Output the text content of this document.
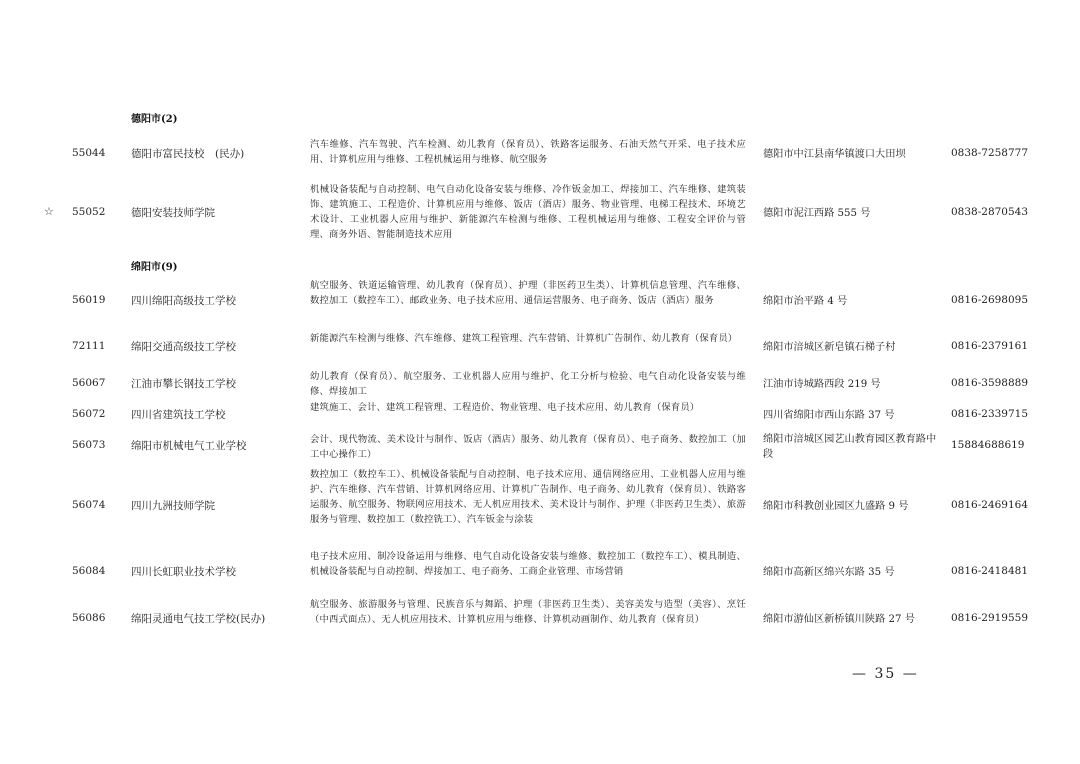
德阳市(2)
55044 德阳市富民技校　(民办)
汽车维修、汽车驾驶、汽车检测、幼儿教育（保育员）、铁路客运服务、石油天然气开采、电子技术应用、计算机应用与维修、工程机械运用与维修、航空服务	德阳市中江县南华镇渡口大田坝	0838-7258777
☆ 55052 德阳安装技师学院
机械设备装配与自动控制、电气自动化设备安装与维修、冷作钣金加工、焊接加工、汽车维修、建筑装饰、建筑施工、工程造价、计算机应用与维修、饭店（酒店）服务、物业管理、电梯工程技术、环境艺术设计、工业机器人应用与维护、新能源汽车检测与维修、工程机械运用与维修、工程安全评价与管理、商务外语、智能制造技术应用
德阳市泥江西路 555 号	0838-2870543
绵阳市(9)
56019 四川绵阳高级技工学校
航空服务、铁道运输管理、幼儿教育（保育员）、护理（非医药卫生类）、计算机信息管理、汽车维修、数控加工（数控车工）、邮政业务、电子技术应用、通信运营服务、电子商务、饭店（酒店）服务	绵阳市治平路 4 号	0816-2698095
72111 绵阳交通高级技工学校
新能源汽车检测与维修、汽车维修、建筑工程管理、汽车营销、计算机广告制作、幼儿教育（保育员）
绵阳市涪城区新皂镇石梯子村	0816-2379161
56067 江油市攀长钢技工学校
幼儿教育（保育员）、航空服务、工业机器人应用与维护、化工分析与检验、电气自动化设备安装与维修、焊接加工
江油市诗城路西段 219 号	0816-3598889
56072 四川省建筑技工学校
建筑施工、会计、建筑工程管理、工程造价、物业管理、电子技术应用、幼儿教育（保育员）
四川省绵阳市西山东路 37 号	0816-2339715
56073 绵阳市机械电气工业学校
会计、现代物流、美术设计与制作、饭店（酒店）服务、幼儿教育（保育员）、电子商务、数控加工（加工中心操作工）
绵阳市涪城区园艺山教育园区教育路中段
15884688619
56074 四川九洲技师学院
数控加工（数控车工）、机械设备装配与自动控制、电子技术应用、通信网络应用、工业机器人应用与维护、汽车维修、汽车营销、计算机网络应用、计算机广告制作、电子商务、幼儿教育（保育员）、铁路客运服务、航空服务、物联网应用技术、无人机应用技术、美术设计与制作、护理（非医药卫生类）、旅游服务与管理、数控加工（数控铣工）、汽车钣金与涂装
绵阳市科教创业园区九盛路 9 号	0816-2469164
56084 四川长虹职业技术学校
电子技术应用、制冷设备运用与维修、电气自动化设备安装与维修、数控加工（数控车工）、模具制造、机械设备装配与自动控制、焊接加工、电子商务、工商企业管理、市场营销	绵阳市高新区绵兴东路 35 号	0816-2418481
56086 绵阳灵通电气技工学校(民办)
航空服务、旅游服务与管理、民族音乐与舞蹈、护理（非医药卫生类）、美容美发与造型（美容）、烹饪（中西式面点）、无人机应用技术、计算机应用与维修、计算机动画制作、幼儿教育（保育员）	绵阳市游仙区新桥镇川陕路 27 号	0816-2919559
— 35 —
